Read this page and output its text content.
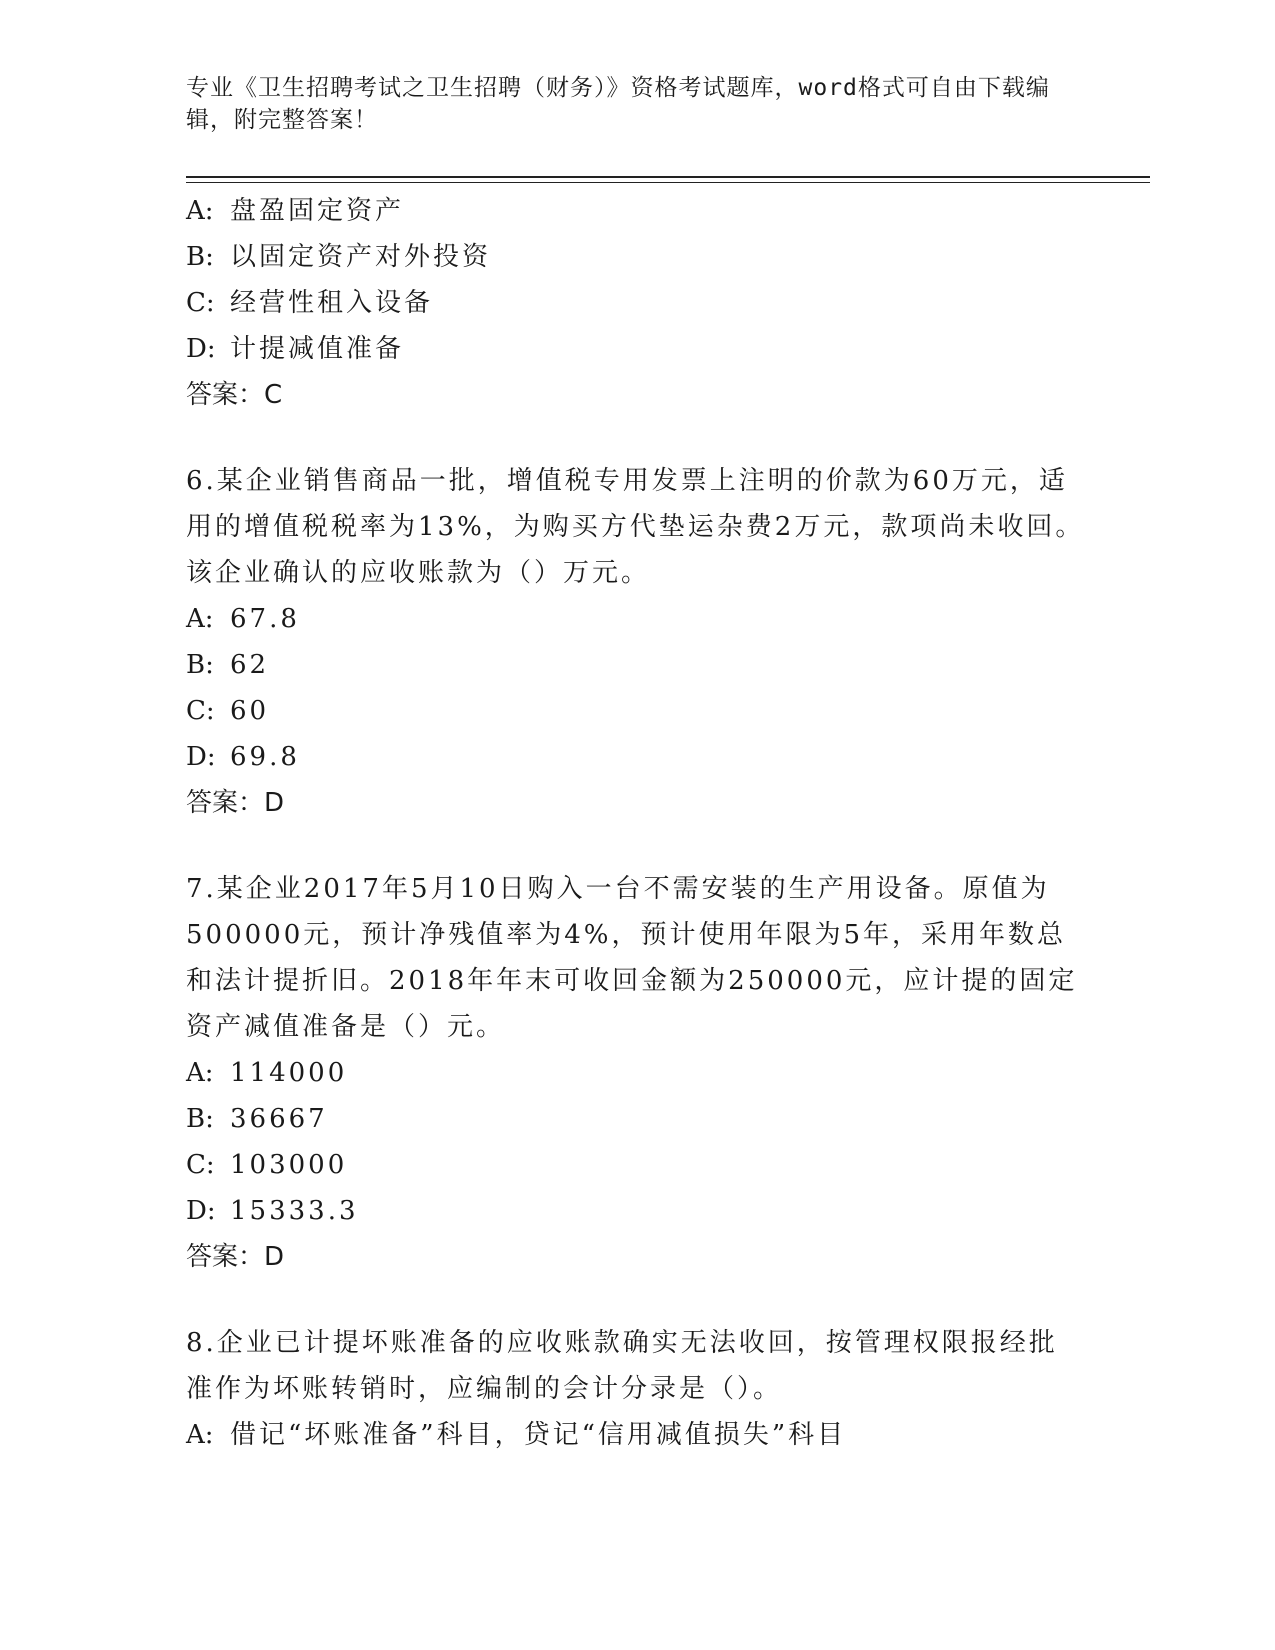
专业《卫生招聘考试之卫生招聘（财务）》资格考试题库，word格式可自由下载编辑，附完整答案！
A: 盘盈固定资产
B: 以固定资产对外投资
C: 经营性租入设备
D: 计提减值准备
答案：C
6.某企业销售商品一批，增值税专用发票上注明的价款为60万元，适用的增值税税率为13%，为购买方代垫运杂费2万元，款项尚未收回。该企业确认的应收账款为（）万元。
A: 67.8
B: 62
C: 60
D: 69.8
答案：D
7.某企业2017年5月10日购入一台不需安装的生产用设备。原值为500000元，预计净残值率为4%，预计使用年限为5年，采用年数总和法计提折旧。2018年年末可收回金额为250000元，应计提的固定资产减值准备是（）元。
A: 114000
B: 36667
C: 103000
D: 15333.3
答案：D
8.企业已计提坏账准备的应收账款确实无法收回，按管理权限报经批准作为坏账转销时，应编制的会计分录是（）。
A: 借记“坏账准备”科目，贷记“信用减值损失”科目
